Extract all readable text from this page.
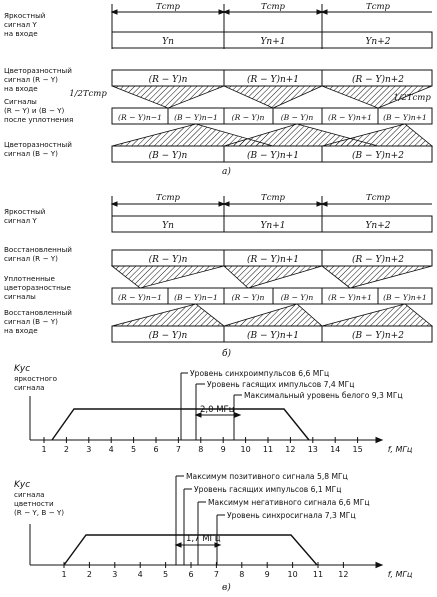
Яркостный сигнал Y на входе
Цветоразностный сигнал (R − Y) на входе
Сигналы (R − Y) и (B − Y) после уплотнения
Цветоразностный сигнал (B − Y)
Tстр	Tстр	Tстр
Yn	Yn+1	Yn+2
(R − Y)n	(R − Y)n+1	(R − Y)n+2
1/2Tстр	1/2Tстр
(R − Y)n−1 (B − Y)n−1 (R − Y)n (B − Y)n (R − Y)n+1 (B − Y)n+1
(B − Y)n	(B − Y)n+1	(B − Y)n+2
a)
Яркостный сигнал Y
Восстановленный сигнал (R − Y)
Уплотненные цветоразностные сигналы
Восстановленный сигнал (B − Y) на входе
Tстр	Tстр	Tстр
Yn	Yn+1	Yn+2
(R − Y)n	(R − Y)n+1	(R − Y)n+2
(R − Y)n−1 (B − Y)n−1 (R − Y)n (B − Y)n (R − Y)n+1 (B − Y)n+1
(B − Y)n	(B − Y)n+1	(B − Y)n+2
б)
Kус яркостного сигнала
Уровень синхроимпульсов 6,6 МГц
Уровень гасящих импульсов 7,4 МГц
Максимальный уровень белого 9,3 МГц
2,0 МГц
1 2 3 4 5 6 7 8 9 10 11 12 13 14 15	f, МГц
Kус сигнала цветности (R − Y, B − Y)
Максимум позитивного сигнала 5,8 МГц
Уровень гасящих импульсов 6,1 МГц
Максимум негативного сигнала 6,6 МГц
Уровень синхросигнала 7,3 МГц
1,7 МГц
1	2	3	4	5	6	7	8	9 10 11 12	f, МГц
в)
